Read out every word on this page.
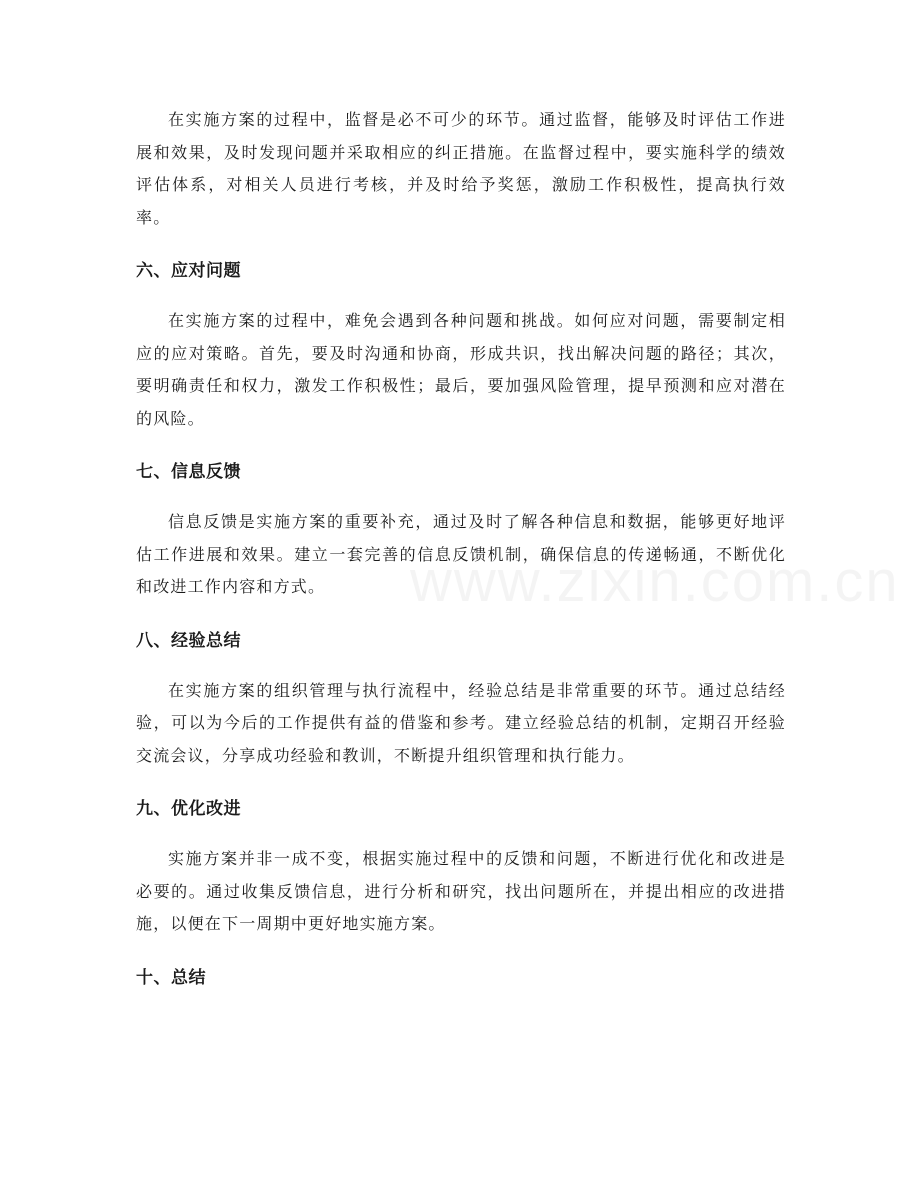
在实施方案的过程中，监督是必不可少的环节。通过监督，能够及时评估工作进展和效果，及时发现问题并采取相应的纠正措施。在监督过程中，要实施科学的绩效评估体系，对相关人员进行考核，并及时给予奖惩，激励工作积极性，提高执行效率。

六、应对问题

在实施方案的过程中，难免会遇到各种问题和挑战。如何应对问题，需要制定相应的应对策略。首先，要及时沟通和协商，形成共识，找出解决问题的路径；其次，要明确责任和权力，激发工作积极性；最后，要加强风险管理，提早预测和应对潜在的风险。

七、信息反馈

信息反馈是实施方案的重要补充，通过及时了解各种信息和数据，能够更好地评估工作进展和效果。建立一套完善的信息反馈机制，确保信息的传递畅通，不断优化和改进工作内容和方式。

八、经验总结

在实施方案的组织管理与执行流程中，经验总结是非常重要的环节。通过总结经验，可以为今后的工作提供有益的借鉴和参考。建立经验总结的机制，定期召开经验交流会议，分享成功经验和教训，不断提升组织管理和执行能力。

九、优化改进

实施方案并非一成不变，根据实施过程中的反馈和问题，不断进行优化和改进是必要的。通过收集反馈信息，进行分析和研究，找出问题所在，并提出相应的改进措施，以便在下一周期中更好地实施方案。

十、总结
